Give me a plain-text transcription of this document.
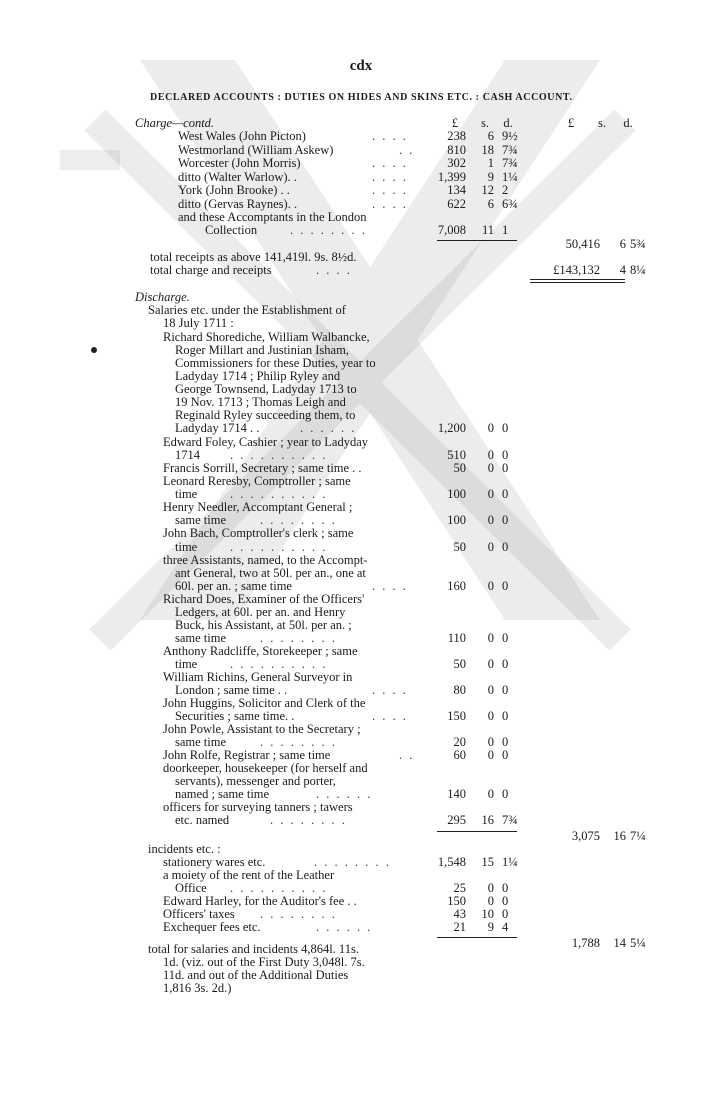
cdx
DECLARED ACCOUNTS : DUTIES ON HIDES AND SKINS ETC. : CASH ACCOUNT.
£	s.	d.	£	s.	d.
Charge—contd.
West Wales (John Picton)	. . . .	238	6 9½
Westmorland (William Askew)	. .	810	18 7¾
Worcester (John Morris)	. . . .	302	1 7¾
ditto (Walter Warlow). .	. . . .	1,399	9 1¼
York (John Brooke) . .	. . . .	134	12 2
ditto (Gervas Raynes). .	. . . .	622	6 6¾
and these Accomptants in the London
Collection	. . . . . . . .	7,008	11 1
50,416	6 5¾
total receipts as above 141,419l. 9s. 8½d.
total charge and receipts	. . . .	£143,132	4 8¼
Discharge.
Salaries etc. under the Establishment of
18 July 1711 :
Richard Shorediche, William Walbancke,
Roger Millart and Justinian Isham,
Commissioners for these Duties, year to
Ladyday 1714 ; Philip Ryley and
George Townsend, Ladyday 1713 to
19 Nov. 1713 ; Thomas Leigh and
Reginald Ryley succeeding them, to
Ladyday 1714 . .	. . . . . .	1,200	0 0
Edward Foley, Cashier ; year to Ladyday
1714 . . . . . . . . . .	510	0 0
Francis Sorrill, Secretary ; same time . .	50	0 0
Leonard Reresby, Comptroller ; same
time	. . . . . . . . . .	100	0 0
Henry Needler, Accomptant General ;
same time	. . . . . . . .	100	0 0
John Bach, Comptroller's clerk ; same
time	. . . . . . . . . .	50	0 0
three Assistants, named, to the Accompt-
ant General, two at 50l. per an., one at
60l. per an. ; same time	. . . .	160	0 0
Richard Does, Examiner of the Officers'
Ledgers, at 60l. per an. and Henry
Buck, his Assistant, at 50l. per an. ;
same time	. . . . . . . .	110	0 0
Anthony Radcliffe, Storekeeper ; same
time	. . . . . . . . . .	50	0 0
William Richins, General Surveyor in
London ; same time . .	. . . .	80	0 0
John Huggins, Solicitor and Clerk of the
Securities ; same time. .	. . . .	150	0 0
John Powle, Assistant to the Secretary ;
same time	. . . . . . . .	20	0 0
John Rolfe, Registrar ; same time	. .	60	0 0
doorkeeper, housekeeper (for herself and
servants), messenger and porter,
named ; same time	. . . . . .	140	0 0
officers for surveying tanners ; tawers
etc. named	. . . . . . . .	295	16 7¾
3,075	16 7¼
incidents etc. :
stationery wares etc.	. . . . . . . .	1,548	15 1¼
a moiety of the rent of the Leather
Office . . . . . . . . . .	25	0 0
Edward Harley, for the Auditor's fee . .	150	0 0
Officers' taxes . . . . . . . .	43	10 0
Exchequer fees etc.	. . . . . .	21	9 4
1,788	14 5¼
total for salaries and incidents 4,864l. 11s.
1d. (viz. out of the First Duty 3,048l. 7s.
11d. and out of the Additional Duties
1,816 3s. 2d.)
